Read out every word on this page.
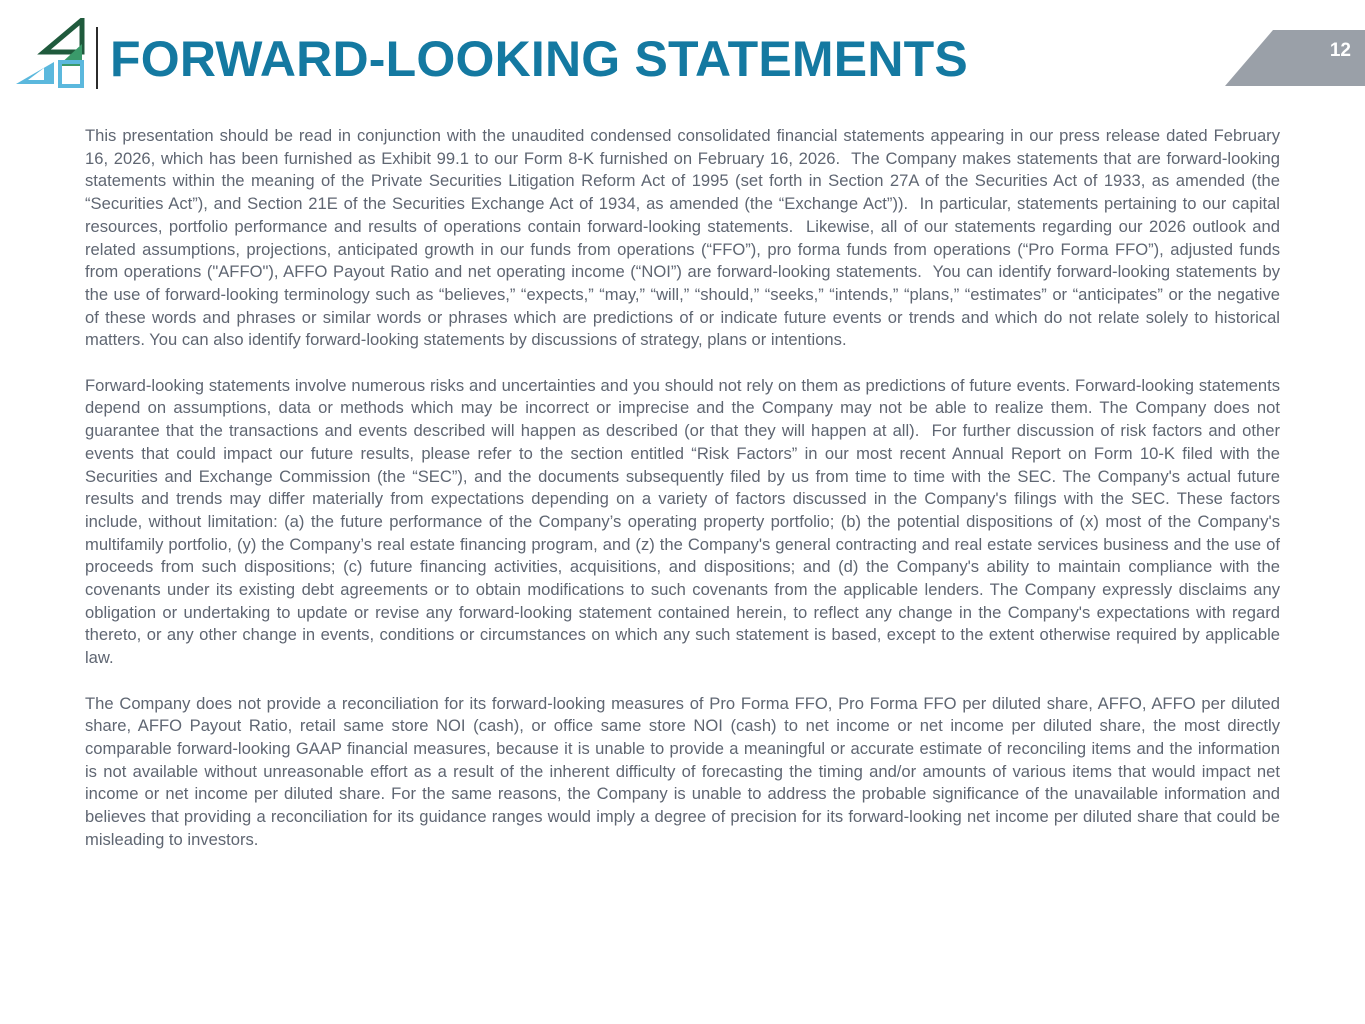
FORWARD-LOOKING STATEMENTS	12

This presentation should be read in conjunction with the unaudited condensed consolidated financial statements appearing in our press release dated February 16, 2026, which has been furnished as Exhibit 99.1 to our Form 8-K furnished on February 16, 2026.  The Company makes statements that are forward-looking statements within the meaning of the Private Securities Litigation Reform Act of 1995 (set forth in Section 27A of the Securities Act of 1933, as amended (the “Securities Act”), and Section 21E of the Securities Exchange Act of 1934, as amended (the “Exchange Act”)).  In particular, statements pertaining to our capital resources, portfolio performance and results of operations contain forward-looking statements.  Likewise, all of our statements regarding our 2026 outlook and related assumptions, projections, anticipated growth in our funds from operations (“FFO”), pro forma funds from operations (“Pro Forma FFO”), adjusted funds from operations ("AFFO"), AFFO Payout Ratio and net operating income (“NOI”) are forward-looking statements.  You can identify forward-looking statements by the use of forward-looking terminology such as “believes,” “expects,” “may,” “will,” “should,” “seeks,” “intends,” “plans,” “estimates” or “anticipates” or the negative of these words and phrases or similar words or phrases which are predictions of or indicate future events or trends and which do not relate solely to historical matters. You can also identify forward-looking statements by discussions of strategy, plans or intentions.

Forward-looking statements involve numerous risks and uncertainties and you should not rely on them as predictions of future events. Forward-looking statements depend on assumptions, data or methods which may be incorrect or imprecise and the Company may not be able to realize them. The Company does not guarantee that the transactions and events described will happen as described (or that they will happen at all).  For further discussion of risk factors and other events that could impact our future results, please refer to the section entitled “Risk Factors” in our most recent Annual Report on Form 10-K filed with the Securities and Exchange Commission (the “SEC”), and the documents subsequently filed by us from time to time with the SEC. The Company's actual future results and trends may differ materially from expectations depending on a variety of factors discussed in the Company's filings with the SEC. These factors include, without limitation: (a) the future performance of the Company’s operating property portfolio; (b) the potential dispositions of (x) most of the Company's multifamily portfolio, (y) the Company’s real estate financing program, and (z) the Company's general contracting and real estate services business and the use of proceeds from such dispositions; (c) future financing activities, acquisitions, and dispositions; and (d) the Company's ability to maintain compliance with the covenants under its existing debt agreements or to obtain modifications to such covenants from the applicable lenders. The Company expressly disclaims any obligation or undertaking to update or revise any forward-looking statement contained herein, to reflect any change in the Company's expectations with regard thereto, or any other change in events, conditions or circumstances on which any such statement is based, except to the extent otherwise required by applicable law.

The Company does not provide a reconciliation for its forward-looking measures of Pro Forma FFO, Pro Forma FFO per diluted share, AFFO, AFFO per diluted share, AFFO Payout Ratio, retail same store NOI (cash), or office same store NOI (cash) to net income or net income per diluted share, the most directly comparable forward-looking GAAP financial measures, because it is unable to provide a meaningful or accurate estimate of reconciling items and the information is not available without unreasonable effort as a result of the inherent difficulty of forecasting the timing and/or amounts of various items that would impact net income or net income per diluted share. For the same reasons, the Company is unable to address the probable significance of the unavailable information and believes that providing a reconciliation for its guidance ranges would imply a degree of precision for its forward-looking net income per diluted share that could be misleading to investors.
